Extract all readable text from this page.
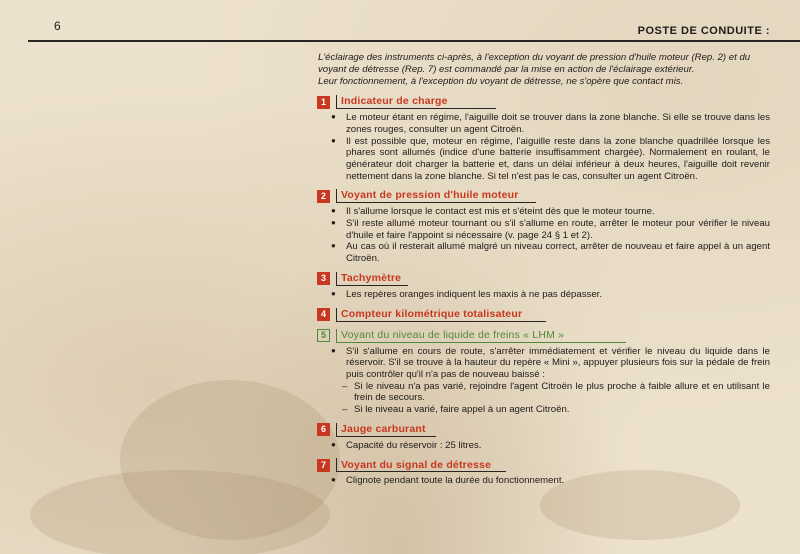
6	POSTE DE CONDUITE :

L'éclairage des instruments ci-après, à l'exception du voyant de pression d'huile moteur (Rep. 2) et du voyant de détresse (Rep. 7) est commandé par la mise en action de l'éclairage extérieur.

Leur fonctionnement, à l'exception du voyant de détresse, ne s'opère que contact mis.

1	Indicateur de charge
● Le moteur étant en régime, l'aiguille doit se trouver dans la zone blanche. Si elle se trouve dans les zones rouges, consulter un agent Citroën.
● Il est possible que, moteur en régime, l'aiguille reste dans la zone blanche quadrillée lorsque les phares sont allumés (indice d'une batterie insuffisamment chargée). Normalement en roulant, le générateur doit charger la batterie et, dans un délai inférieur à deux heures, l'aiguille doit revenir nettement dans la zone blanche. Si tel n'est pas le cas, consulter un agent Citroën.
2	Voyant de pression d'huile moteur
● Il s'allume lorsque le contact est mis et s'éteint dès que le moteur tourne.
● S'il reste allumé moteur tournant ou s'il s'allume en route, arrêter le moteur pour vérifier le niveau d'huile et faire l'appoint si nécessaire (v. page 24 § 1 et 2).
● Au cas où il resterait allumé malgré un niveau correct, arrêter de nouveau et faire appel à un agent Citroën.
3	Tachymètre
● Les repères oranges indiquent les maxis à ne pas dépasser.
4	Compteur kilométrique totalisateur
5	Voyant du niveau de liquide de freins « LHM »
● S'il s'allume en cours de route, s'arrêter immédiatement et vérifier le niveau du liquide dans le réservoir. S'il se trouve à la hauteur du repère « Mini », appuyer plusieurs fois sur la pédale de frein puis contrôler qu'il n'a pas de nouveau baissé :
– Si le niveau n'a pas varié, rejoindre l'agent Citroën le plus proche à faible allure et en utilisant le frein de secours.
– Si le niveau a varié, faire appel à un agent Citroën.
6	Jauge carburant
● Capacité du réservoir : 25 litres.
7	Voyant du signal de détresse
● Clignote pendant toute la durée du fonctionnement.
